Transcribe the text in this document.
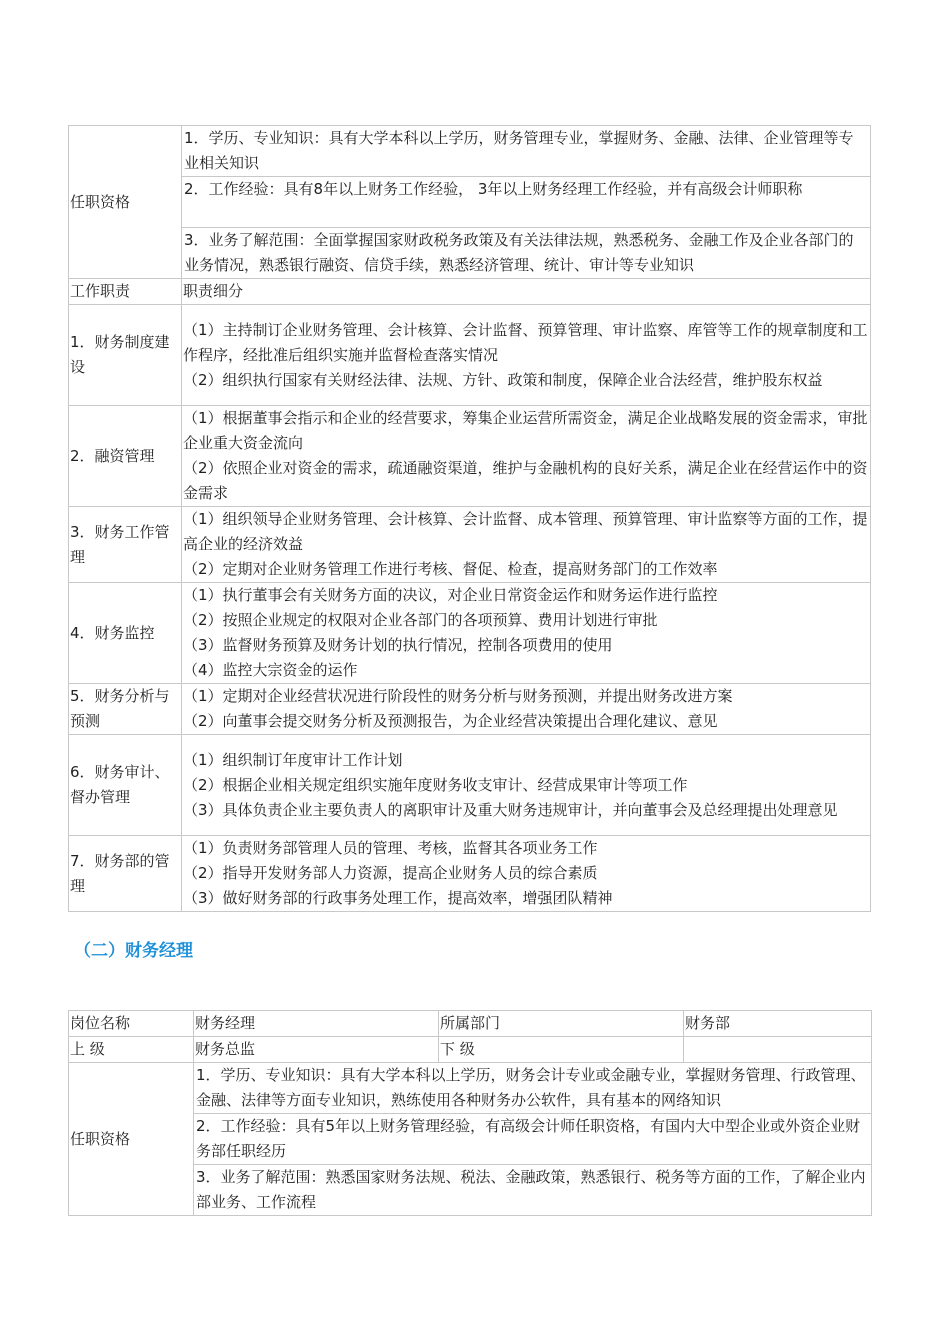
任职资格	1．学历、专业知识：具有大学本科以上学历，财务管理专业，掌握财务、金融、法律、企业管理等专业相关知识
2．工作经验：具有8年以上财务工作经验， 3年以上财务经理工作经验，并有高级会计师职称
3．业务了解范围：全面掌握国家财政税务政策及有关法律法规，熟悉税务、金融工作及企业各部门的业务情况，熟悉银行融资、信贷手续，熟悉经济管理、统计、审计等专业知识

工作职责	职责细分
1．财务制度建设	（1）主持制订企业财务管理、会计核算、会计监督、预算管理、审计监察、库管等工作的规章制度和工作程序，经批准后组织实施并监督检查落实情况
（2）组织执行国家有关财经法律、法规、方针、政策和制度，保障企业合法经营，维护股东权益

2．融资管理	（1）根据董事会指示和企业的经营要求，筹集企业运营所需资金，满足企业战略发展的资金需求，审批企业重大资金流向
（2）依照企业对资金的需求，疏通融资渠道，维护与金融机构的良好关系，满足企业在经营运作中的资金需求

3．财务工作管理	（1）组织领导企业财务管理、会计核算、会计监督、成本管理、预算管理、审计监察等方面的工作，提高企业的经济效益
（2）定期对企业财务管理工作进行考核、督促、检查，提高财务部门的工作效率

4．财务监控	（1）执行董事会有关财务方面的决议，对企业日常资金运作和财务运作进行监控
（2）按照企业规定的权限对企业各部门的各项预算、费用计划进行审批
（3）监督财务预算及财务计划的执行情况，控制各项费用的使用
（4）监控大宗资金的运作

5．财务分析与预测	（1）定期对企业经营状况进行阶段性的财务分析与财务预测，并提出财务改进方案
（2）向董事会提交财务分析及预测报告，为企业经营决策提出合理化建议、意见

6．财务审计、督办管理	（1）组织制订年度审计工作计划
（2）根据企业相关规定组织实施年度财务收支审计、经营成果审计等项工作
（3）具体负责企业主要负责人的离职审计及重大财务违规审计，并向董事会及总经理提出处理意见

7．财务部的管理	（1）负责财务部管理人员的管理、考核，监督其各项业务工作
（2）指导开发财务部人力资源，提高企业财务人员的综合素质
（3）做好财务部的行政事务处理工作，提高效率，增强团队精神
（二）财务经理
岗位名称	财务经理	所属部门	财务部
上 级	财务总监	下 级	
任职资格	1．学历、专业知识：具有大学本科以上学历，财务会计专业或金融专业，掌握财务管理、行政管理、金融、法律等方面专业知识，熟练使用各种财务办公软件，具有基本的网络知识
2．工作经验：具有5年以上财务管理经验，有高级会计师任职资格，有国内大中型企业或外资企业财务部任职经历
3．业务了解范围：熟悉国家财务法规、税法、金融政策，熟悉银行、税务等方面的工作，了解企业内部业务、工作流程		
